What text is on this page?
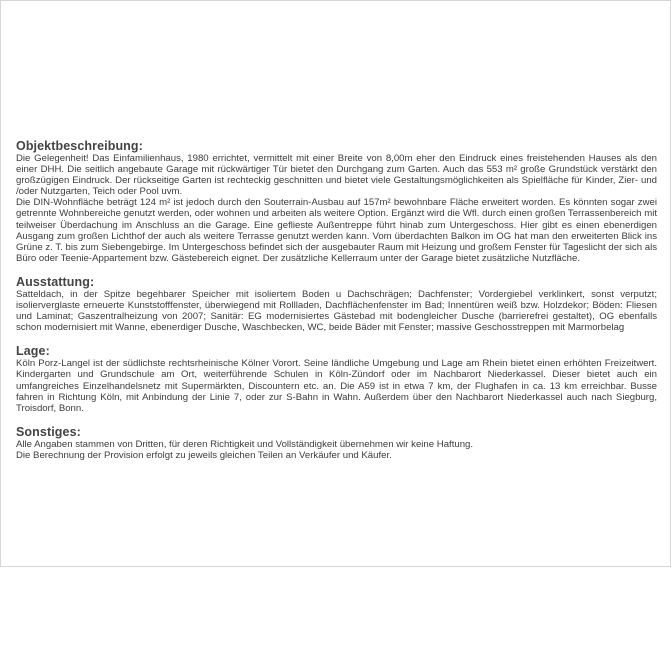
Objektbeschreibung:

Die Gelegenheit! Das Einfamilienhaus, 1980 errichtet, vermittelt mit einer Breite von 8,00m eher den Eindruck eines freistehenden Hauses als den einer DHH. Die seitlich angebaute Garage mit rückwärtiger Tür bietet den Durchgang zum Garten. Auch das 553 m² große Grundstück verstärkt den großzügigen Eindruck. Der rückseitige Garten ist rechteckig geschnitten und bietet viele Gestaltungsmöglichkeiten als Spielfläche für Kinder, Zier- und /oder Nutzgarten, Teich oder Pool uvm.

Die DIN-Wohnfläche beträgt 124 m² ist jedoch durch den Souterrain-Ausbau auf 157m² bewohnbare Fläche erweitert worden. Es könnten sogar zwei getrennte Wohnbereiche genutzt werden, oder wohnen und arbeiten als weitere Option. Ergänzt wird die Wfl. durch einen großen Terrassenbereich mit teilweiser Überdachung im Anschluss an die Garage. Eine geflieste Außentreppe führt hinab zum Untergeschoss. Hier gibt es einen ebenerdigen Ausgang zum großen Lichthof der auch als weitere Terrasse genutzt werden kann. Vom überdachten Balkon im OG hat man den erweiterten Blick ins Grüne z. T. bis zum Siebengebirge. Im Untergeschoss befindet sich der ausgebauter Raum mit Heizung und großem Fenster für Tageslicht der sich als Büro oder Teenie-Appartement bzw. Gästebereich eignet. Der zusätzliche Kellerraum unter der Garage bietet zusätzliche Nutzfläche.

Ausstattung:

Satteldach, in der Spitze begehbarer Speicher mit isoliertem Boden u Dachschrägen; Dachfenster; Vordergiebel verklinkert, sonst verputzt; isolierverglaste erneuerte Kunststofffenster, überwiegend mit Rollladen, Dachflächenfenster im Bad; Innentüren weiß bzw. Holzdekor; Böden: Fliesen und Laminat; Gaszentralheizung von 2007; Sanitär: EG modernisiertes Gästebad mit bodengleicher Dusche (barrierefrei gestaltet), OG ebenfalls schon modernisiert mit Wanne, ebenerdiger Dusche, Waschbecken, WC, beide Bäder mit Fenster; massive Geschosstreppen mit Marmorbelag

Lage:

Köln Porz-Langel ist der südlichste rechtsrheinische Kölner Vorort. Seine ländliche Umgebung und Lage am Rhein bietet einen erhöhten Freizeitwert. Kindergarten und Grundschule am Ort, weiterführende Schulen in Köln-Zündorf oder im Nachbarort Niederkassel. Dieser bietet auch ein umfangreiches Einzelhandelsnetz mit Supermärkten, Discountern etc. an. Die A59 ist in etwa 7 km, der Flughafen in ca. 13 km erreichbar. Busse fahren in Richtung Köln, mit Anbindung der Linie 7, oder zur S-Bahn in Wahn. Außerdem über den Nachbarort Niederkassel auch nach Siegburg, Troisdorf, Bonn.

Sonstiges:

Alle Angaben stammen von Dritten, für deren Richtigkeit und Vollständigkeit übernehmen wir keine Haftung.

Die Berechnung der Provision erfolgt zu jeweils gleichen Teilen an Verkäufer und Käufer.
